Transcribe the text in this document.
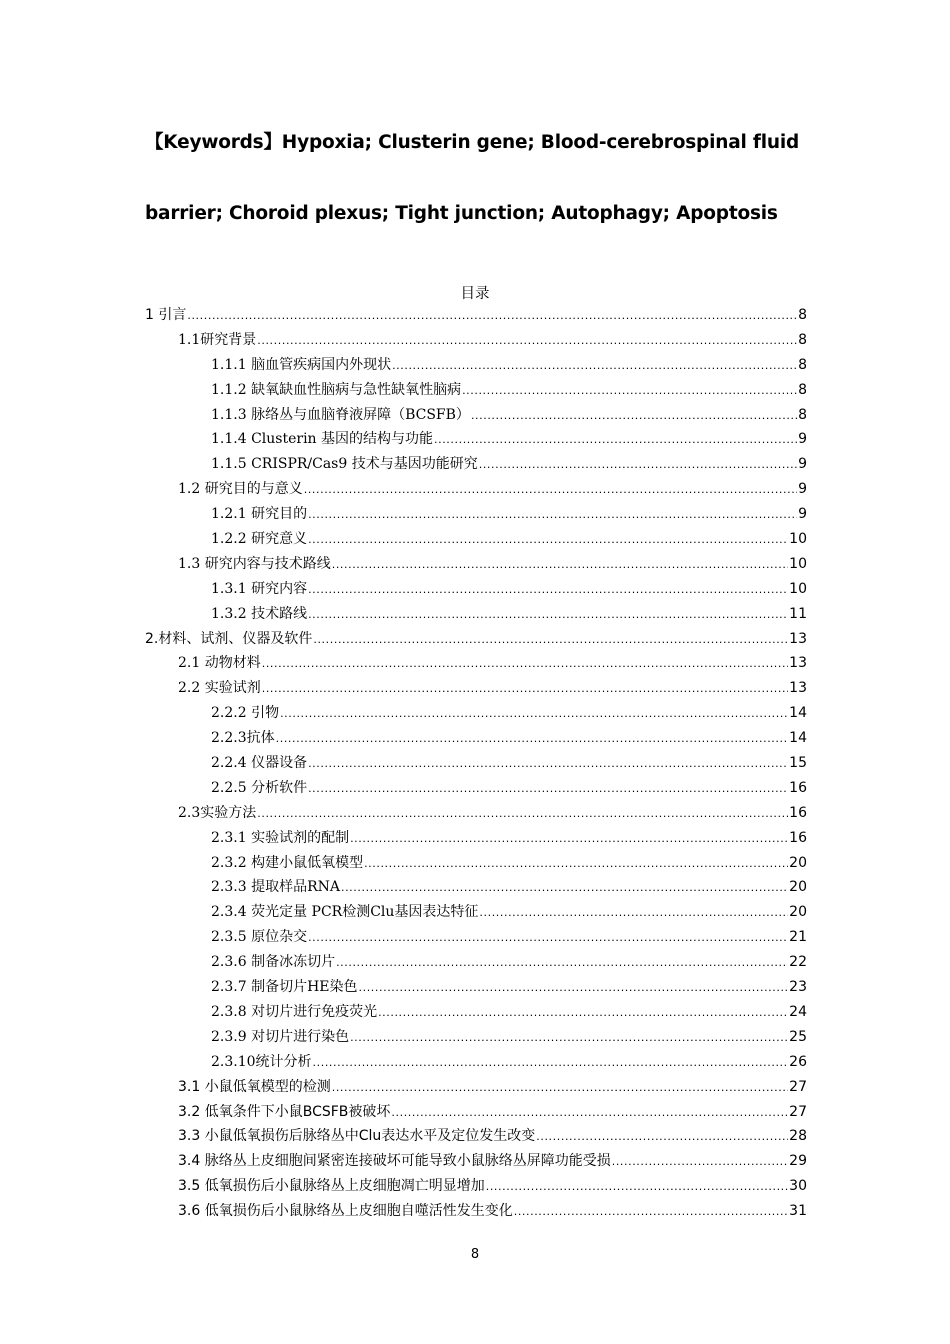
【Keywords】Hypoxia; Clusterin gene; Blood-cerebrospinal fluid

barrier; Choroid plexus; Tight junction; Autophagy; Apoptosis

目录

1 引言 .....	8
1.1研究背景 .....	8
1.1.1 脑血管疾病国内外现状 .....	8
1.1.2 缺氧缺血性脑病与急性缺氧性脑病 .....	8
1.1.3 脉络丛与血脑脊液屏障（BCSFB） .....	8
1.1.4 Clusterin 基因的结构与功能 .....	9
1.1.5 CRISPR/Cas9 技术与基因功能研究 .....	9
1.2 研究目的与意义 .....	9
1.2.1 研究目的 .....	9
1.2.2 研究意义 .....	10
1.3 研究内容与技术路线 .....	10
1.3.1 研究内容 .....	10
1.3.2 技术路线 .....	11
2.材料、试剂、仪器及软件 .....	13
2.1 动物材料 .....	13
2.2 实验试剂 .....	13
2.2.2 引物 .....	14
2.2.3抗体 .....	14
2.2.4 仪器设备 .....	15
2.2.5 分析软件 .....	16
2.3实验方法 .....	16
2.3.1 实验试剂的配制 .....	16
2.3.2 构建小鼠低氧模型 .....	20
2.3.3 提取样品RNA .....	20
2.3.4 荧光定量 PCR检测Clu基因表达特征 .....	20
2.3.5 原位杂交 .....	21
2.3.6 制备冰冻切片 .....	22
2.3.7 制备切片HE染色 .....	23
2.3.8 对切片进行免疫荧光 .....	24
2.3.9 对切片进行染色 .....	25
2.3.10统计分析 .....	26
3.1 小鼠低氧模型的检测 .....	27
3.2 低氧条件下小鼠BCSFB被破坏 .....	27
3.3 小鼠低氧损伤后脉络丛中Clu表达水平及定位发生改变 .....	28
3.4 脉络丛上皮细胞间紧密连接破坏可能导致小鼠脉络丛屏障功能受损 .....	29
3.5 低氧损伤后小鼠脉络丛上皮细胞凋亡明显增加 .....	30
3.6 低氧损伤后小鼠脉络丛上皮细胞自噬活性发生变化 .....	31

8
